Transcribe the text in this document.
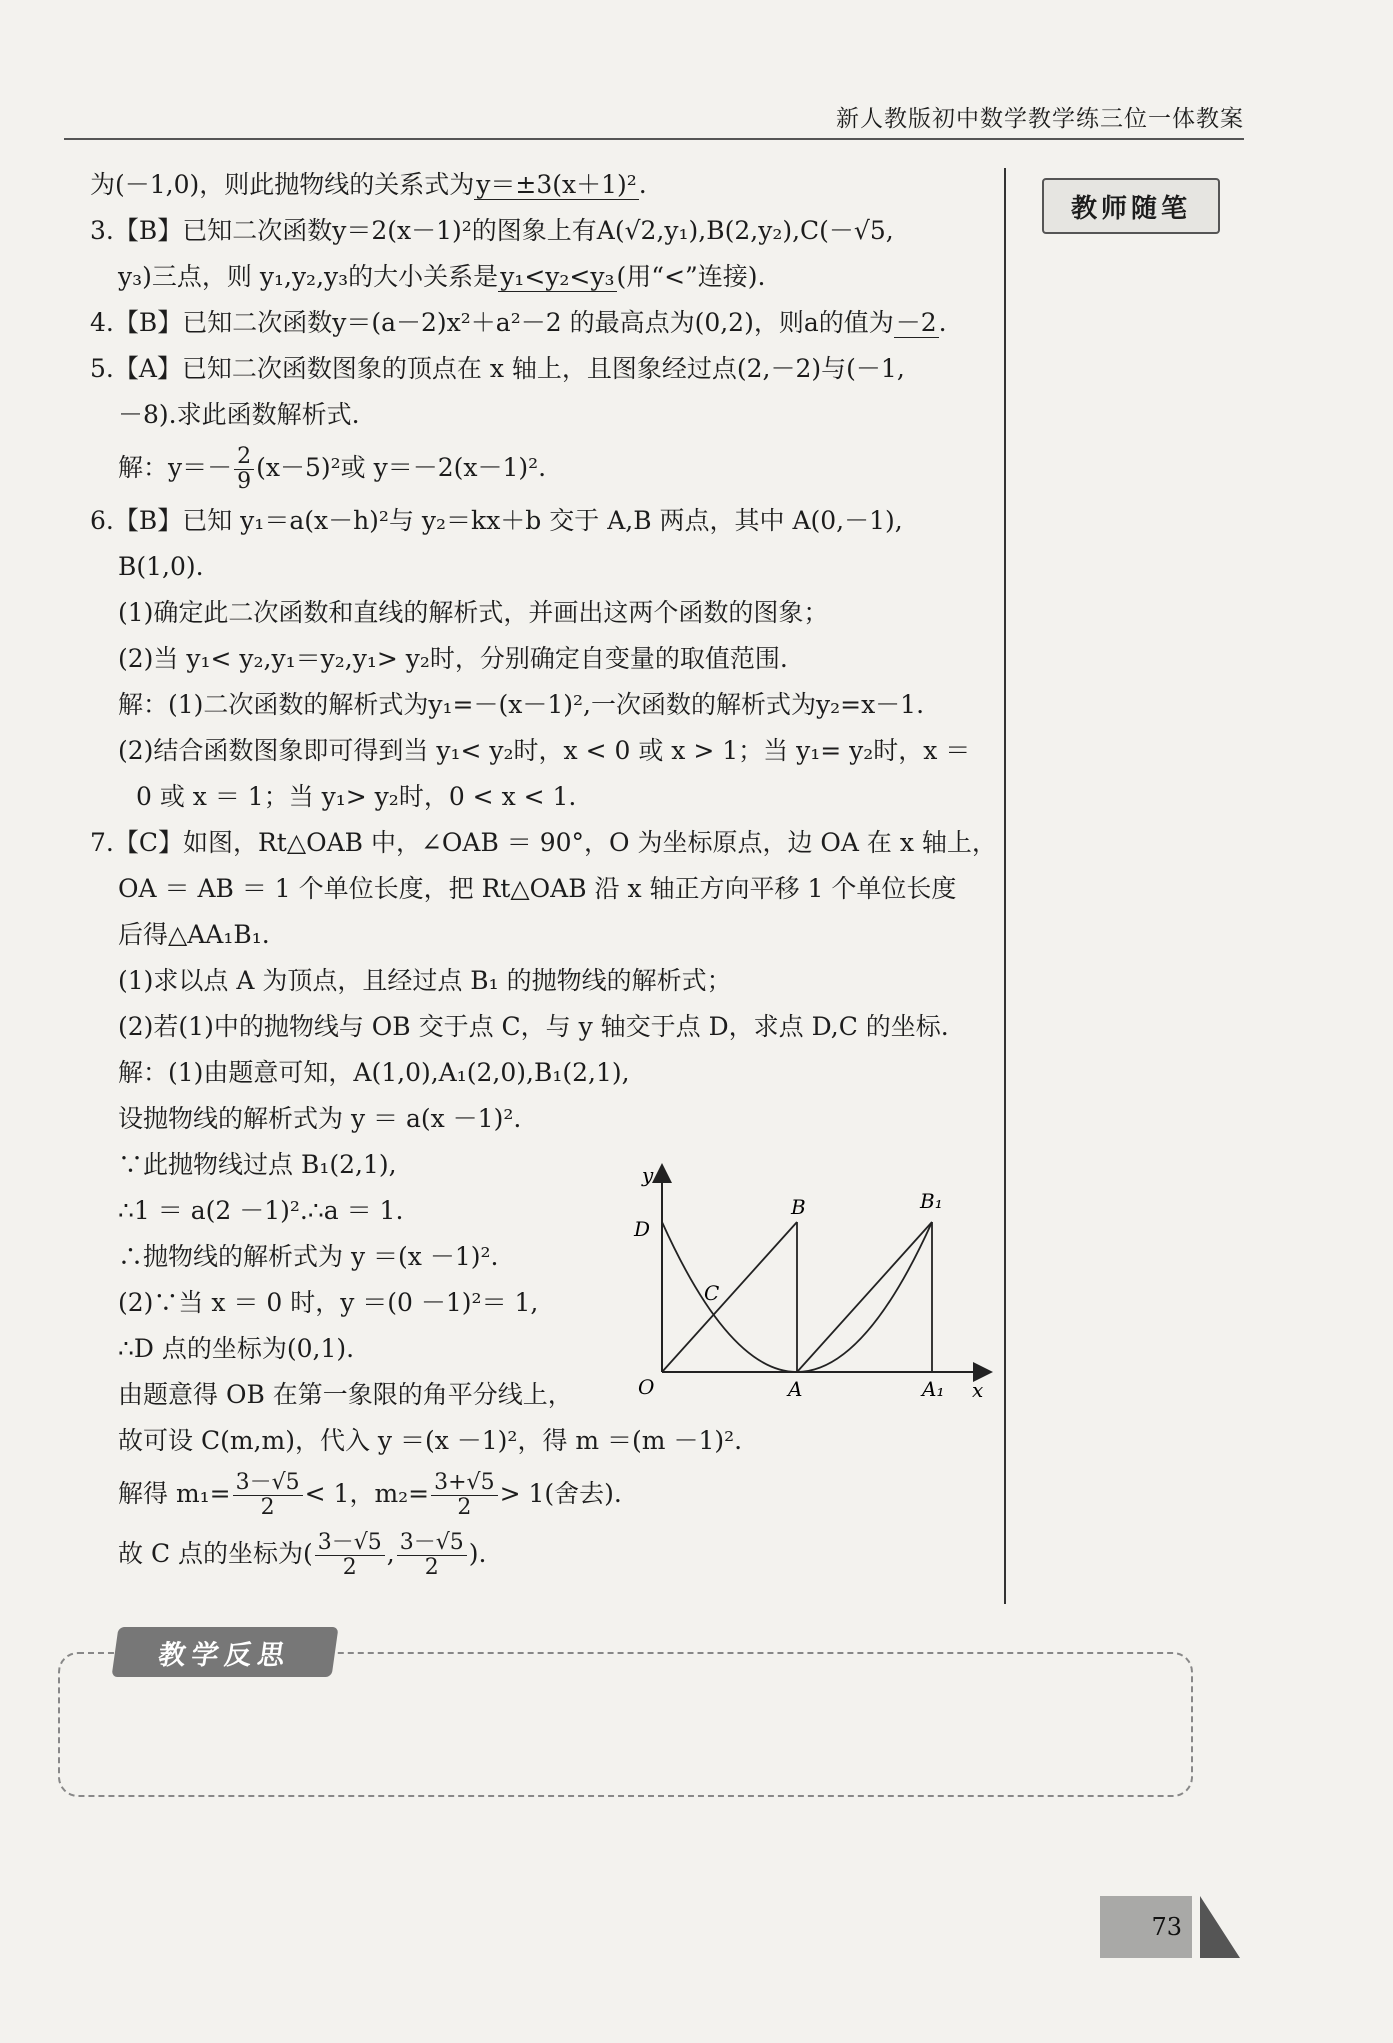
新人教版初中数学教学练三位一体教案
教师随笔
为(－1,0)，则此抛物线的关系式为y＝±3(x＋1)².
3.【B】已知二次函数y＝2(x－1)²的图象上有A(√2,y₁),B(2,y₂),C(－√5,
y₃)三点，则 y₁,y₂,y₃的大小关系是y₁<y₂<y₃(用“<”连接).
4.【B】已知二次函数y＝(a－2)x²＋a²－2 的最高点为(0,2)，则a的值为－2.
5.【A】已知二次函数图象的顶点在 x 轴上，且图象经过点(2,－2)与(－1,
－8).求此函数解析式.
解：$y=- \frac{2}{9} (x-5)^2$或 y＝－2(x－1)².
6.【B】已知 y₁＝a(x－h)²与 y₂＝kx＋b 交于 A,B 两点，其中 A(0,－1),
B(1,0).
(1)确定此二次函数和直线的解析式，并画出这两个函数的图象；
(2)当 y₁< y₂,y₁＝y₂,y₁> y₂时，分别确定自变量的取值范围.
解：(1)二次函数的解析式为y₁=－(x－1)²,一次函数的解析式为y₂=x－1.
(2)结合函数图象即可得到当 y₁< y₂时，x < 0 或 x > 1；当 y₁= y₂时，x ＝
0 或 x ＝ 1；当 y₁> y₂时，0 < x < 1.
7.【C】如图，Rt△OAB 中，∠OAB ＝ 90°，O 为坐标原点，边 OA 在 x 轴上，
OA ＝ AB ＝ 1 个单位长度，把 Rt△OAB 沿 x 轴正方向平移 1 个单位长度
后得△AA₁B₁.
(1)求以点 A 为顶点，且经过点 B₁ 的抛物线的解析式；
(2)若(1)中的抛物线与 OB 交于点 C，与 y 轴交于点 D，求点 D,C 的坐标.
解：(1)由题意可知，A(1,0),A₁(2,0),B₁(2,1),
设抛物线的解析式为 y ＝ a(x －1)².
∵此抛物线过点 B₁(2,1),
∴1 ＝ a(2 －1)².∴a ＝ 1.
∴抛物线的解析式为 y ＝(x －1)².
(2)∵当 x ＝ 0 时，y ＝(0 －1)²＝ 1,
∴D 点的坐标为(0,1).
由题意得 OB 在第一象限的角平分线上，
故可设 C(m,m)，代入 y ＝(x －1)²，得 m ＝(m －1)².
解得 $m_1= \frac{3-√5}{2} < 1$，$m_2= \frac{3+√5}{2} > 1$(舍去).
故 C 点的坐标为( $\frac{3-√5}{2}$ , $\frac{3-√5}{2}$ ).
y
x
O	A	A₁
B	B₁
C
D
教学反思
73
